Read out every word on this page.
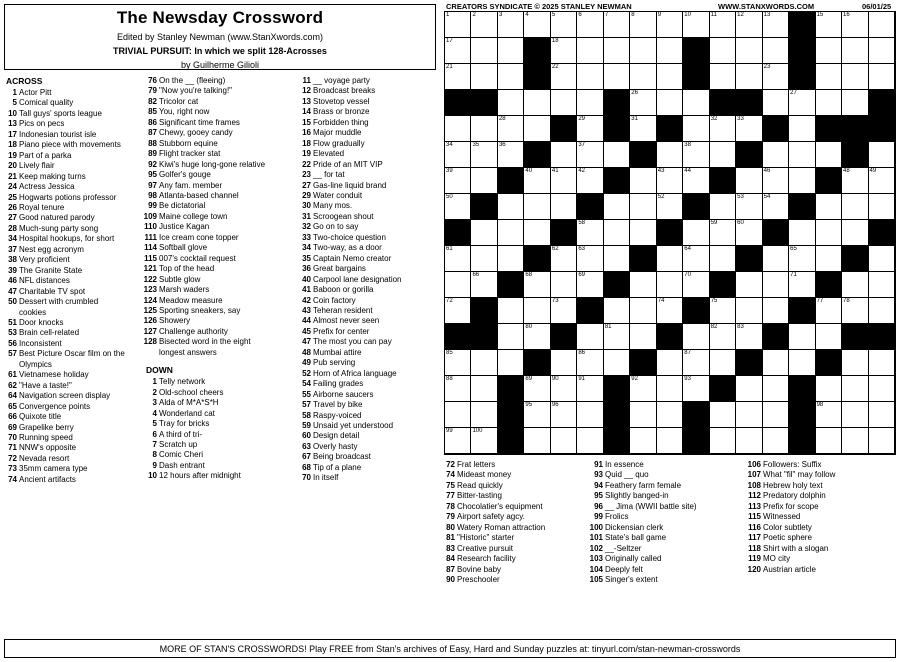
The Newsday Crossword
Edited by Stanley Newman (www.StanXwords.com)
TRIVIAL PURSUIT: In which we split 128-Acrosses
by Guilherme Gilioli
CREATORS SYNDICATE © 2025 STANLEY NEWMAN	WWW.STANXWORDS.COM	06/01/25
1	2	3	4	5	6	7	8	9	10	11	12	13	15	16
17	18
21	22	23
26	27
28	29	31	32	33
34	35	36	37	38
39	40	41	42	43	44	46	48	49
50	52	53	54
58	59	60
61	62	63	64	65
66	68	69	70	71
72	73	74	75	77	78
80	81	82	83
85	86	87
88	89	90	91	92	93
95	96	98
99	100
ACROSS
1 Actor Pitt
5 Comical quality
10 Tall guys' sports league
13 Pics on pecs
17 Indonesian tourist isle
18 Piano piece with movements
19 Part of a parka
20 Lively flair
21 Keep making turns
24 Actress Jessica
25 Hogwarts potions professor
26 Royal tenure
27 Good natured parody
28 Much-sung party song
34 Hospital hookups, for short
37 Nest egg acronym
38 Very proficient
39 The Granite State
46 NFL distances
47 Charitable TV spot
50 Dessert with crumbled
cookies
51 Door knocks
53 Brain cell-related
56 Inconsistent
57 Best Picture Oscar film on the
Olympics
61 Vietnamese holiday
62 "Have a taste!"
64 Navigation screen display
65 Convergence points
66 Quixote title
69 Grapelike berry
70 Running speed
71 NNW's opposite
72 Nevada resort
73 35mm camera type
74 Ancient artifacts
76 On the __ (fleeing)
79 "Now you're talking!"
82 Tricolor cat
85 You, right now
86 Significant time frames
87 Chewy, gooey candy
88 Stubborn equine
89 Flight tracker stat
92 Kiwi's huge long-gone relative
95 Golfer's gouge
97 Any fam. member
98 Atlanta-based channel
99 Be dictatorial
109 Maine college town
110 Justice Kagan
111 Ice cream cone topper
114 Softball glove
115 007's cocktail request
121 Top of the head
122 Subtle glow
123 Marsh waders
124 Meadow measure
125 Sporting sneakers, say
126 Showery
127 Challenge authority
128 Bisected word in the eight
longest answers
DOWN
1 Telly network
2 Old-school cheers
3 Alda of M*A*S*H
4 Wonderland cat
5 Tray for bricks
6 A third of tri-
7 Scratch up
8 Comic Cheri
9 Dash entrant
10 12 hours after midnight
11 __ voyage party
12 Broadcast breaks
13 Stovetop vessel
14 Brass or bronze
15 Forbidden thing
16 Major muddle
18 Flow gradually
19 Elevated
22 Pride of an MIT VIP
23 __ for tat
27 Gas-line liquid brand
29 Water conduit
30 Many mos.
31 Scroogean shout
32 Go on to say
33 Two-choice question
34 Two-way, as a door
35 Captain Nemo creator
36 Great bargains
40 Carpool lane designation
41 Baboon or gorilla
42 Coin factory
43 Teheran resident
44 Almost never seen
45 Prefix for center
47 The most you can pay
48 Mumbai attire
49 Pub serving
52 Horn of Africa language
54 Failing grades
55 Airborne saucers
57 Travel by bike
58 Raspy-voiced
59 Unsaid yet understood
60 Design detail
63 Overly hasty
67 Being broadcast
68 Tip of a plane
70 In itself
72 Frat letters
74 Mideast money
75 Read quickly
77 Bitter-tasting
78 Chocolatier's equipment
79 Airport safety agcy.
80 Watery Roman attraction
81 "Historic" starter
83 Creative pursuit
84 Research facility
87 Bovine baby
90 Preschooler
91 In essence
93 Quid __ quo
94 Feathery farm female
95 Slightly banged-in
96 __ Jima (WWII battle site)
99 Frolics
100 Dickensian clerk
101 State's ball game
102 __-Seltzer
103 Originally called
104 Deeply felt
105 Singer's extent
106 Followers: Suffix
107 What "fil" may follow
108 Hebrew holy text
112 Predatory dolphin
113 Prefix for scope
115 Witnessed
116 Color subtlety
117 Poetic sphere
118 Shirt with a slogan
119 MO city
120 Austrian article
MORE OF STAN'S CROSSWORDS! Play FREE from Stan's archives of Easy, Hard and Sunday puzzles at: tinyurl.com/stan-newman-crosswords
